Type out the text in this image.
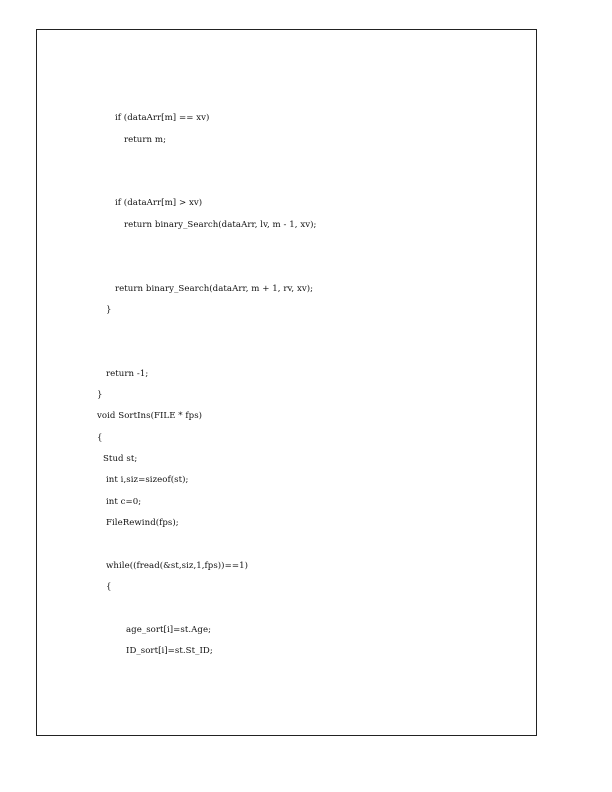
if (dataArr[m] == xv)
return m;
if (dataArr[m] > xv)
return binary_Search(dataArr, lv, m - 1, xv);
return binary_Search(dataArr, m + 1, rv, xv);
}
return -1;
}
void SortIns(FILE * fps)
{
Stud st;
int i,siz=sizeof(st);
int c=0;
FileRewind(fps);
while((fread(&st,siz,1,fps))==1)
{
age_sort[i]=st.Age;
ID_sort[i]=st.St_ID;
